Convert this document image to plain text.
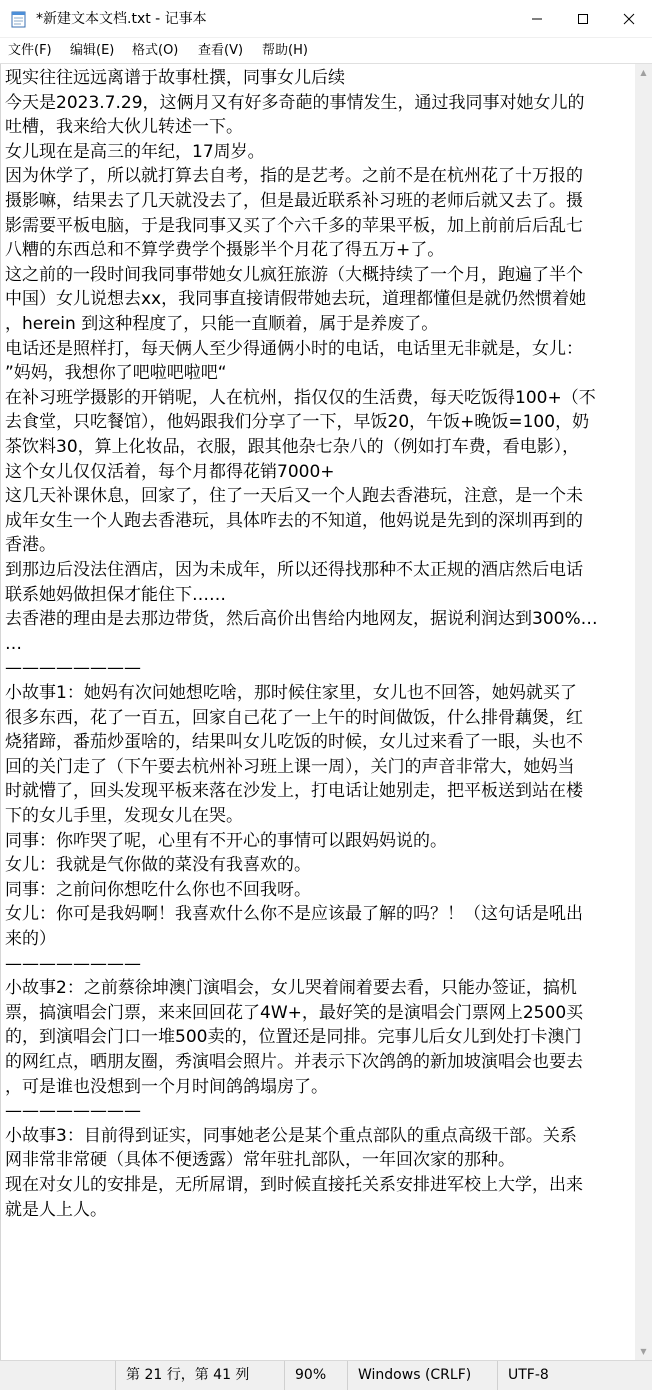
*新建文本文档.txt - 记事本
文件(F) 编辑(E) 格式(O) 查看(V) 帮助(H)
现实往往远远离谱于故事杜撰，同事女儿后续
今天是2023.7.29，这俩月又有好多奇葩的事情发生，通过我同事对她女儿的
吐槽，我来给大伙儿转述一下。
女儿现在是高三的年纪，17周岁。
因为休学了，所以就打算去自考，指的是艺考。之前不是在杭州花了十万报的
摄影嘛，结果去了几天就没去了，但是最近联系补习班的老师后就又去了。摄
影需要平板电脑，于是我同事又买了个六千多的苹果平板，加上前前后后乱七
八糟的东西总和不算学费学个摄影半个月花了得五万+了。
这之前的一段时间我同事带她女儿疯狂旅游（大概持续了一个月，跑遍了半个
中国）女儿说想去xx，我同事直接请假带她去玩，道理都懂但是就仍然惯着她
，herein 到这种程度了，只能一直顺着，属于是养废了。
电话还是照样打，每天俩人至少得通俩小时的电话，电话里无非就是，女儿：
”妈妈，我想你了吧啦吧啦吧“
在补习班学摄影的开销呢，人在杭州，指仅仅的生活费，每天吃饭得100+（不
去食堂，只吃餐馆），他妈跟我们分享了一下，早饭20，午饭+晚饭=100，奶
茶饮料30，算上化妆品，衣服，跟其他杂七杂八的（例如打车费，看电影），
这个女儿仅仅活着，每个月都得花销7000+
这几天补课休息，回家了，住了一天后又一个人跑去香港玩，注意，是一个未
成年女生一个人跑去香港玩，具体咋去的不知道，他妈说是先到的深圳再到的
香港。
到那边后没法住酒店，因为未成年，所以还得找那种不太正规的酒店然后电话
联系她妈做担保才能住下……
去香港的理由是去那边带货，然后高价出售给内地网友，据说利润达到300%…
…
————————
小故事1：她妈有次问她想吃啥，那时候住家里，女儿也不回答，她妈就买了
很多东西，花了一百五，回家自己花了一上午的时间做饭，什么排骨藕煲，红
烧猪蹄，番茄炒蛋啥的，结果叫女儿吃饭的时候，女儿过来看了一眼，头也不
回的关门走了（下午要去杭州补习班上课一周），关门的声音非常大，她妈当
时就懵了，回头发现平板来落在沙发上，打电话让她别走，把平板送到站在楼
下的女儿手里，发现女儿在哭。
同事：你咋哭了呢，心里有不开心的事情可以跟妈妈说的。
女儿：我就是气你做的菜没有我喜欢的。
同事：之前问你想吃什么你也不回我呀。
女儿：你可是我妈啊！我喜欢什么你不是应该最了解的吗？！（这句话是吼出
来的）
————————
小故事2：之前蔡徐坤澳门演唱会，女儿哭着闹着要去看，只能办签证，搞机
票，搞演唱会门票，来来回回花了4W+，最好笑的是演唱会门票网上2500买
的，到演唱会门口一堆500卖的，位置还是同排。完事儿后女儿到处打卡澳门
的网红点，晒朋友圈，秀演唱会照片。并表示下次鸽鸽的新加坡演唱会也要去
，可是谁也没想到一个月时间鸽鸽塌房了。
————————
小故事3：目前得到证实，同事她老公是某个重点部队的重点高级干部。关系
网非常非常硬（具体不便透露）常年驻扎部队，一年回次家的那种。
现在对女儿的安排是，无所屌谓，到时候直接托关系安排进军校上大学，出来
就是人上人。
▲
▼
第 21 行，第 41 列	90%	Windows (CRLF)	UTF-8
